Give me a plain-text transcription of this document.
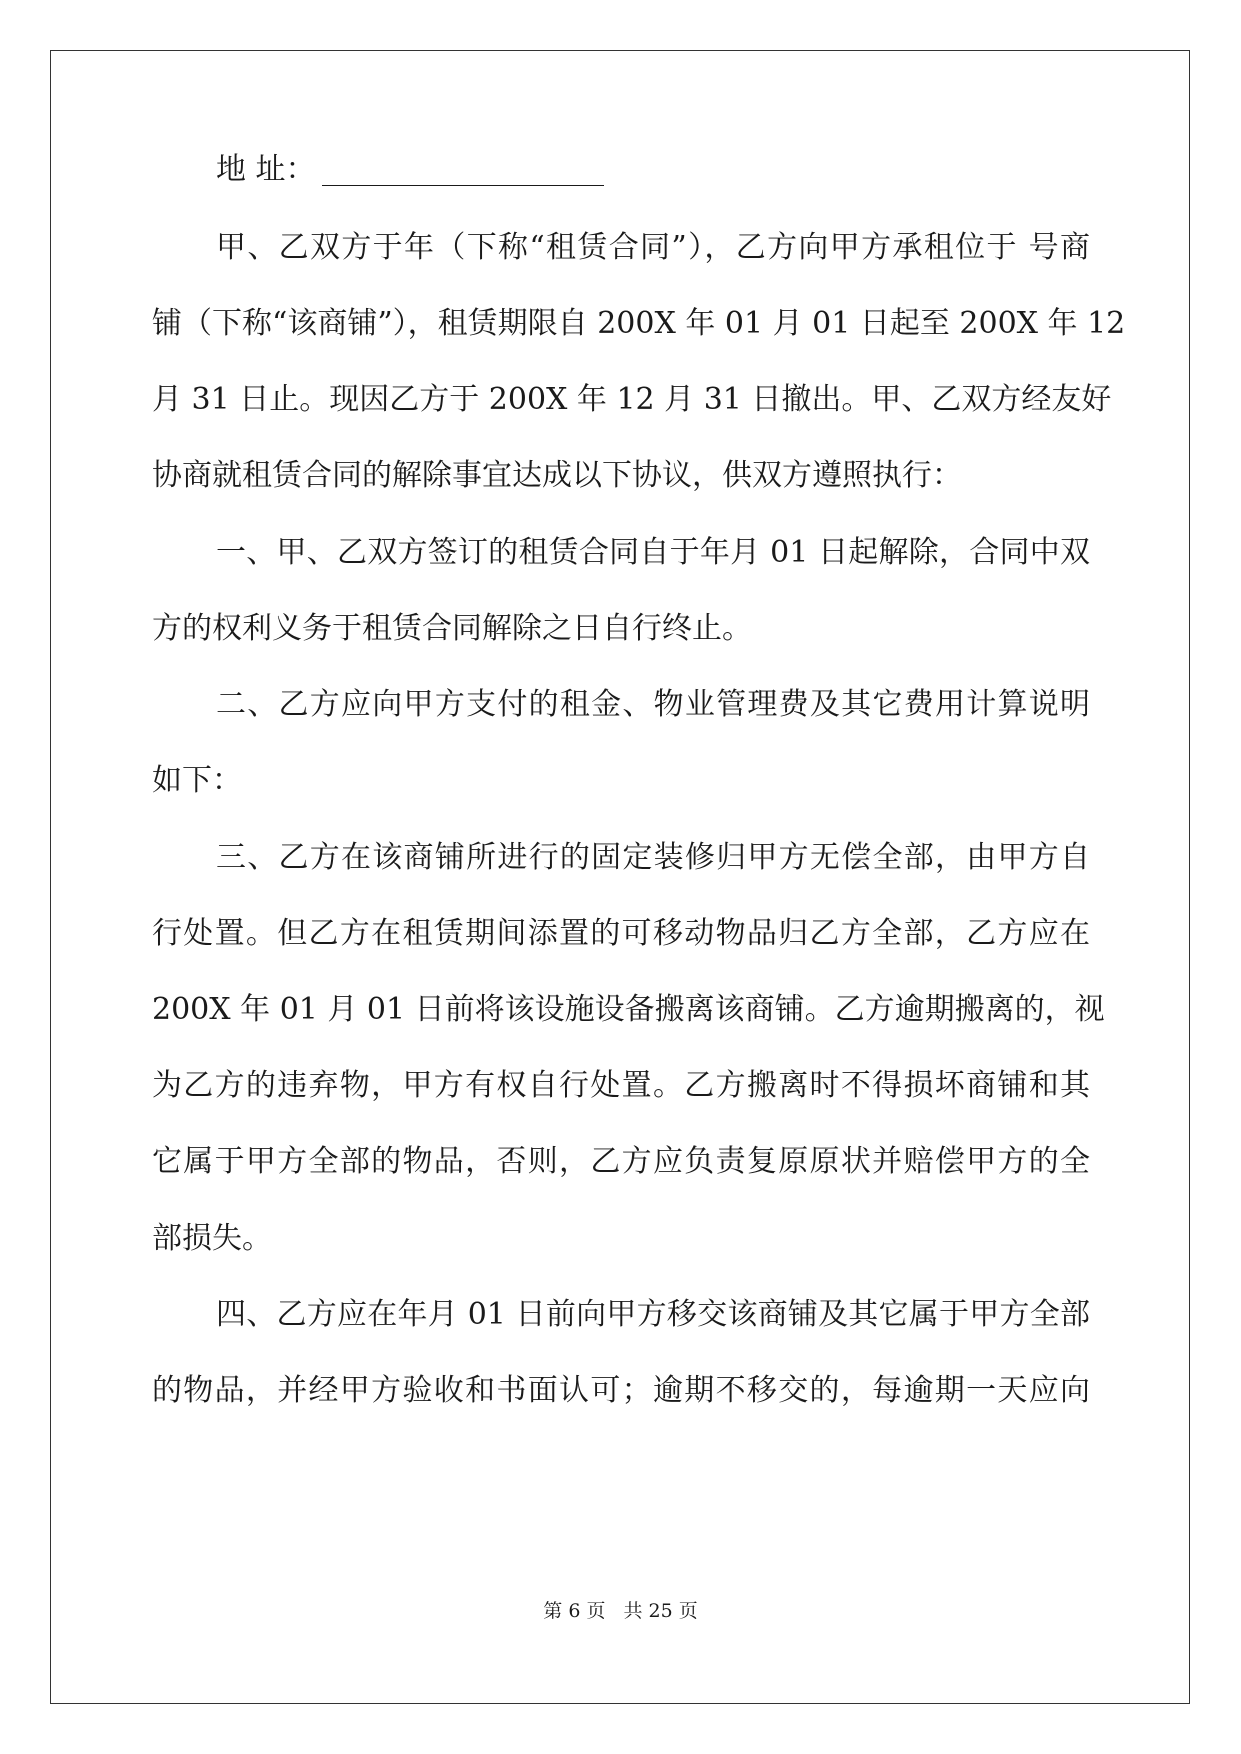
地 址：
甲、乙双方于年（下称“租赁合同”），乙方向甲方承租位于 号商
铺（下称“该商铺”），租赁期限自 200X 年 01 月 01 日起至 200X 年 12
月 31 日止。现因乙方于 200X 年 12 月 31 日撤出。甲、乙双方经友好
协商就租赁合同的解除事宜达成以下协议，供双方遵照执行：
一、甲、乙双方签订的租赁合同自于年月 01 日起解除，合同中双
方的权利义务于租赁合同解除之日自行终止。
二、乙方应向甲方支付的租金、物业管理费及其它费用计算说明
如下：
三、乙方在该商铺所进行的固定装修归甲方无偿全部，由甲方自
行处置。但乙方在租赁期间添置的可移动物品归乙方全部，乙方应在
200X 年 01 月 01 日前将该设施设备搬离该商铺。乙方逾期搬离的，视
为乙方的违弃物，甲方有权自行处置。乙方搬离时不得损坏商铺和其
它属于甲方全部的物品，否则，乙方应负责复原原状并赔偿甲方的全
部损失。
四、乙方应在年月 01 日前向甲方移交该商铺及其它属于甲方全部
的物品，并经甲方验收和书面认可；逾期不移交的，每逾期一天应向
第 6 页 共 25 页
